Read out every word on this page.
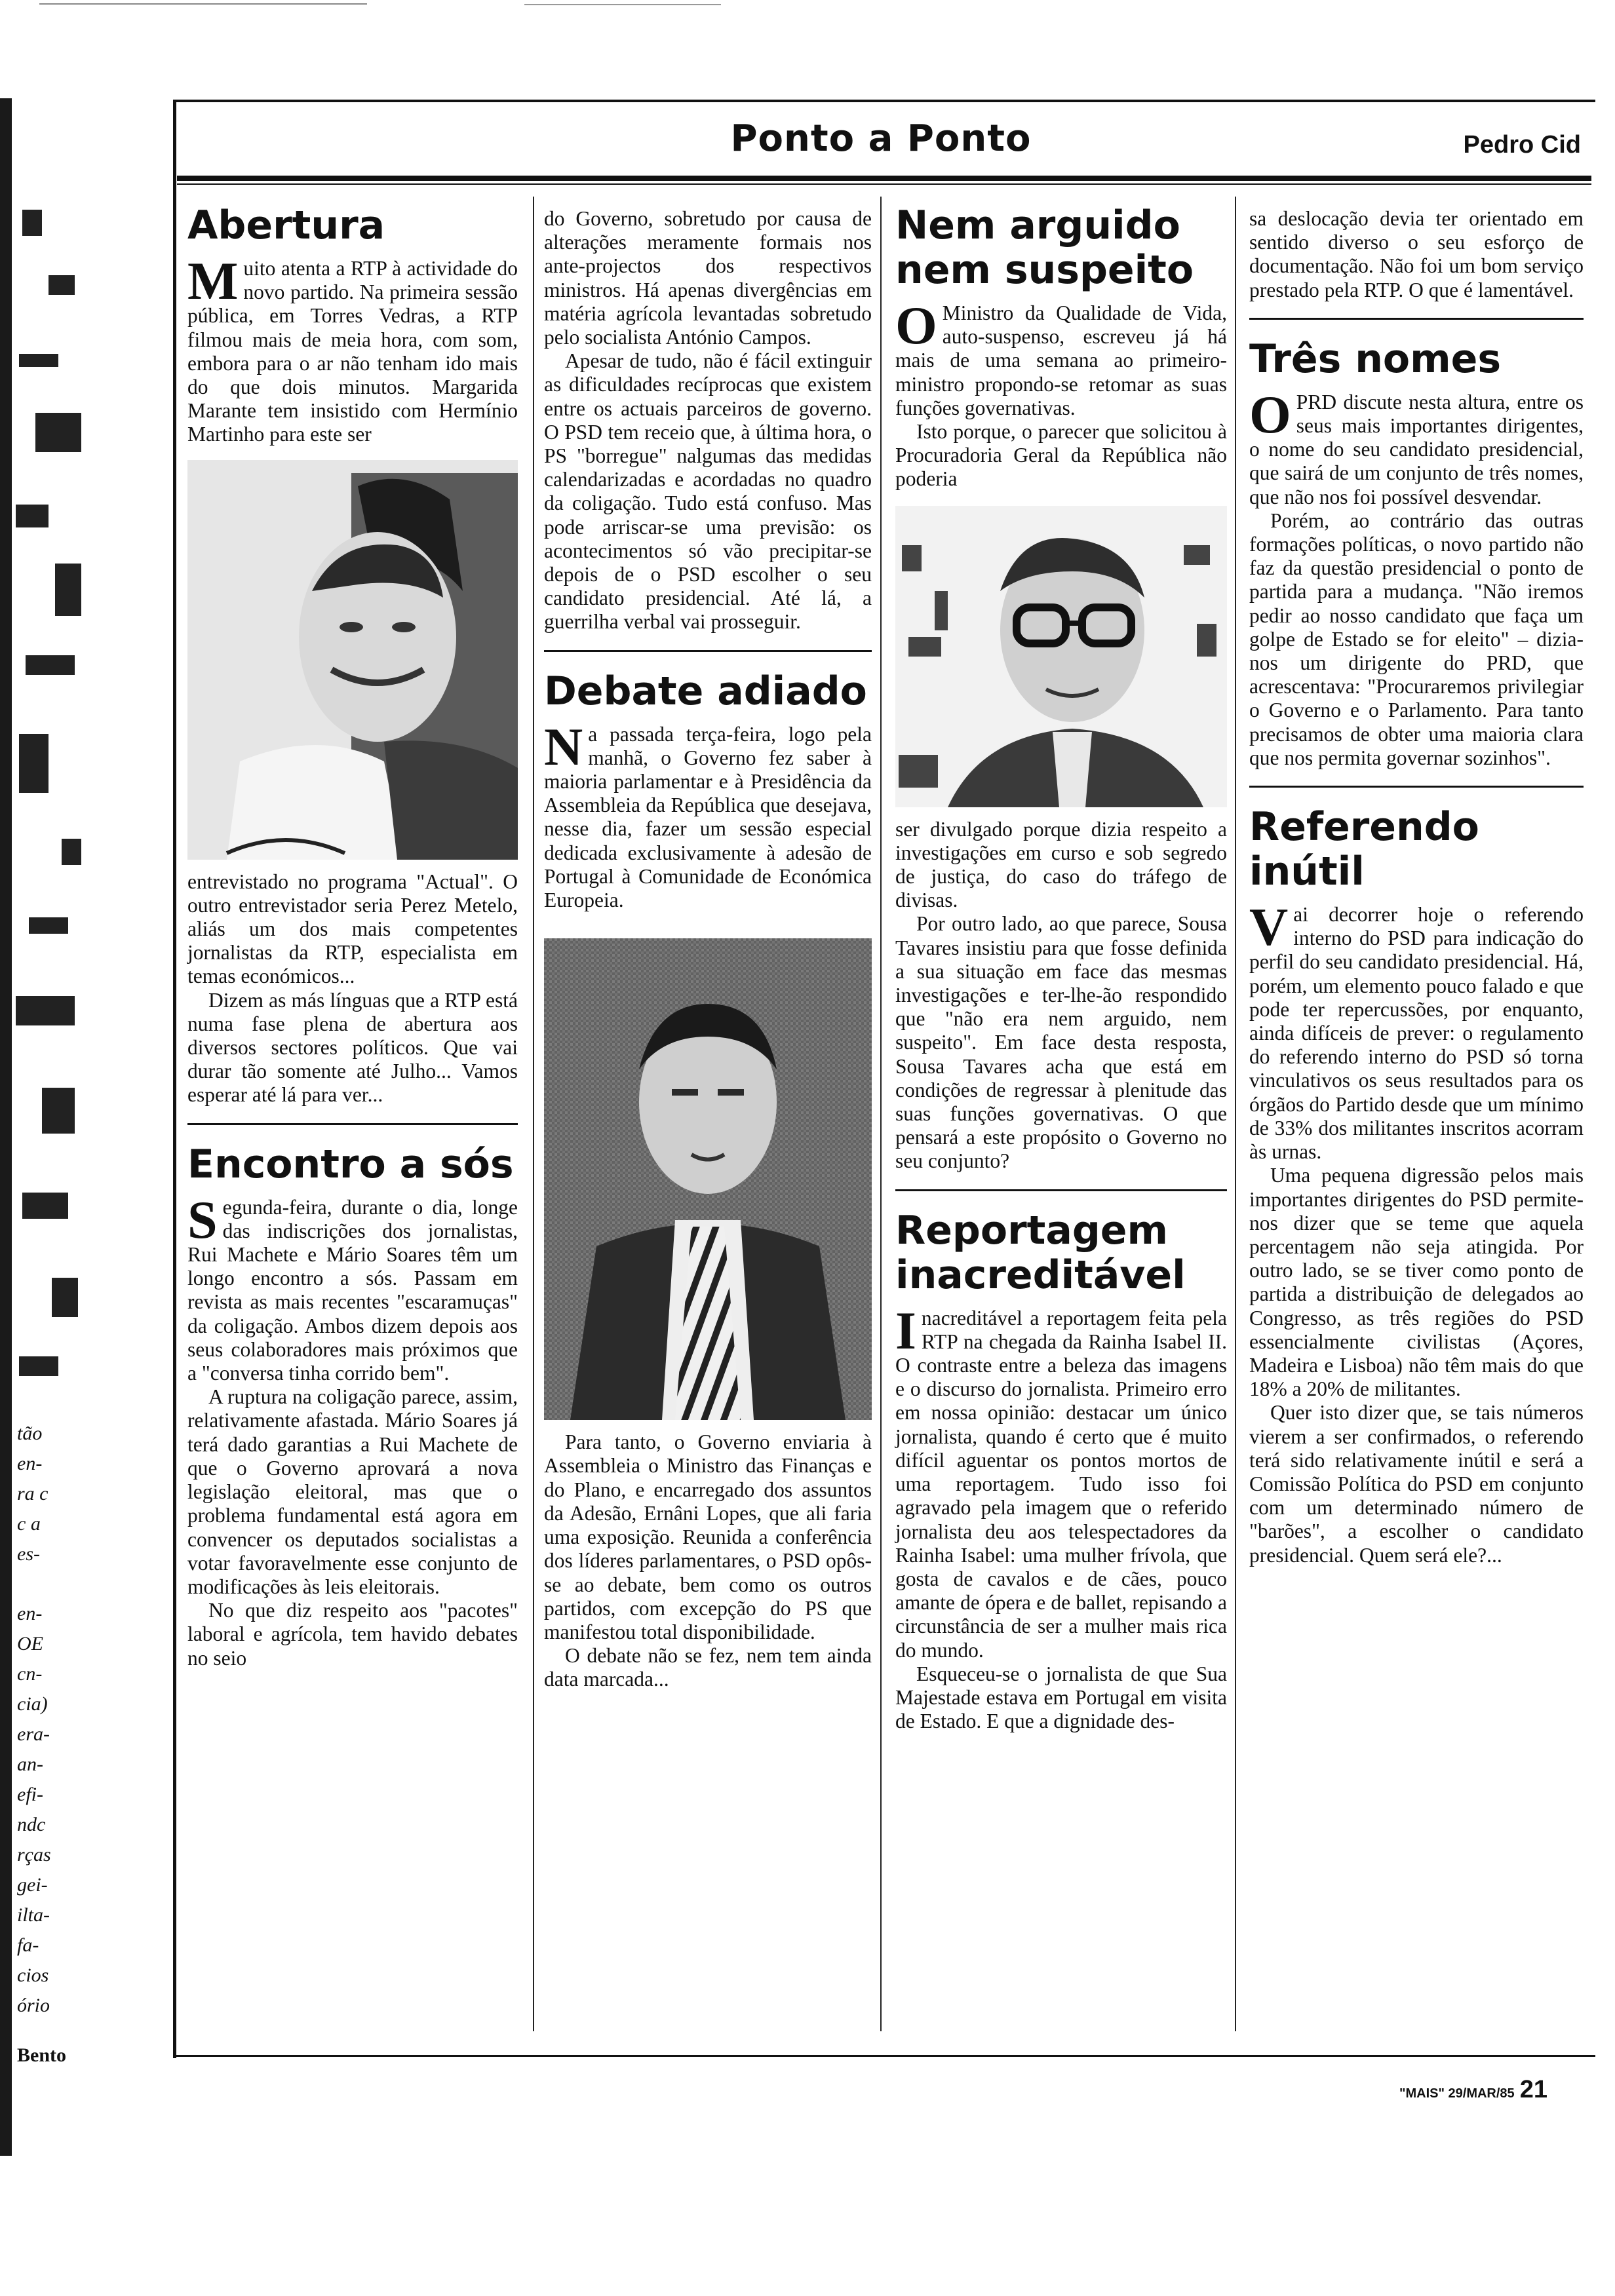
tão
en-
ra c
c a
es-
en-
OE
cn-
cia)
era-
an-
efi-
ndc
rças
gei-
ilta-
fa-
cios
ório
Bento
Ponto a Ponto	Pedro Cid
Abertura

Muito atenta a RTP à actividade do novo partido. Na primeira sessão pública, em Torres Vedras, a RTP filmou mais de meia hora, com som, embora para o ar não tenham ido mais do que dois minutos. Margarida Marante tem insistido com Hermínio Martinho para este ser

entrevistado no programa "Actual". O outro entrevistador seria Perez Metelo, aliás um dos mais competentes jornalistas da RTP, especialista em temas económicos...

Dizem as más línguas que a RTP está numa fase plena de abertura aos diversos sectores políticos. Que vai durar tão somente até Julho... Vamos esperar até lá para ver...

Encontro a sós

Segunda-feira, durante o dia, longe das indiscrições dos jornalistas, Rui Machete e Mário Soares têm um longo encontro a sós. Passam em revista as mais recentes "escaramuças" da coligação. Ambos dizem depois aos seus colaboradores mais próximos que a "conversa tinha corrido bem".

A ruptura na coligação parece, assim, relativamente afastada. Mário Soares já terá dado garantias a Rui Machete de que o Governo aprovará a nova legislação eleitoral, mas que o problema fundamental está agora em convencer os deputados socialistas a votar favoravelmente esse conjunto de modificações às leis eleitorais.

No que diz respeito aos "pacotes" laboral e agrícola, tem havido debates no seio

do Governo, sobretudo por causa de alterações meramente formais nos ante-projectos dos respectivos ministros. Há apenas divergências em matéria agrícola levantadas sobretudo pelo socialista António Campos.

Apesar de tudo, não é fácil extinguir as dificuldades recíprocas que existem entre os actuais parceiros de governo. O PSD tem receio que, à última hora, o PS "borregue" nalgumas das medidas calendarizadas e acordadas no quadro da coligação. Tudo está confuso. Mas pode arriscar-se uma previsão: os acontecimentos só vão precipitar-se depois de o PSD escolher o seu candidato presidencial. Até lá, a guerrilha verbal vai prosseguir.

Debate adiado

Na passada terça-feira, logo pela manhã, o Governo fez saber à maioria parlamentar e à Presidência da Assembleia da República que desejava, nesse dia, fazer um sessão especial dedicada exclusivamente à adesão de Portugal à Comunidade de Económica Europeia.

Para tanto, o Governo enviaria à Assembleia o Ministro das Finanças e do Plano, e encarregado dos assuntos da Adesão, Ernâni Lopes, que ali faria uma exposição. Reunida a conferência dos líderes parlamentares, o PSD opôs-se ao debate, bem como os outros partidos, com excepção do PS que manifestou total disponibilidade.

O debate não se fez, nem tem ainda data marcada...

Nem arguido nem suspeito

O Ministro da Qualidade de Vida, auto-suspenso, escreveu já há mais de uma semana ao primeiro-ministro propondo-se retomar as suas funções governativas.

Isto porque, o parecer que solicitou à Procuradoria Geral da República não poderia

ser divulgado porque dizia respeito a investigações em curso e sob segredo de justiça, do caso do tráfego de divisas.

Por outro lado, ao que parece, Sousa Tavares insistiu para que fosse definida a sua situação em face das mesmas investigações e ter-lhe-ão respondido que "não era nem arguido, nem suspeito". Em face desta resposta, Sousa Tavares acha que está em condições de regressar à plenitude das suas funções governativas. O que pensará a este propósito o Governo no seu conjunto?

Reportagem inacreditável

Inacreditável a reportagem feita pela RTP na chegada da Rainha Isabel II. O contraste entre a beleza das imagens e o discurso do jornalista. Primeiro erro em nossa opinião: destacar um único jornalista, quando é certo que é muito difícil aguentar os pontos mortos de uma reportagem. Tudo isso foi agravado pela imagem que o referido jornalista deu aos telespectadores da Rainha Isabel: uma mulher frívola, que gosta de cavalos e de cães, pouco amante de ópera e de ballet, repisando a circunstância de ser a mulher mais rica do mundo.

Esqueceu-se o jornalista de que Sua Majestade estava em Portugal em visita de Estado. E que a dignidade des-

sa deslocação devia ter orientado em sentido diverso o seu esforço de documentação. Não foi um bom serviço prestado pela RTP. O que é lamentável.

Três nomes

OPRD discute nesta altura, entre os seus mais importantes dirigentes, o nome do seu candidato presidencial, que sairá de um conjunto de três nomes, que não nos foi possível desvendar.

Porém, ao contrário das outras formações políticas, o novo partido não faz da questão presidencial o ponto de partida para a mudança. "Não iremos pedir ao nosso candidato que faça um golpe de Estado se for eleito" – dizia-nos um dirigente do PRD, que acrescentava: "Procuraremos privilegiar o Governo e o Parlamento. Para tanto precisamos de obter uma maioria clara que nos permita governar sozinhos".

Referendo inútil

Vai decorrer hoje o referendo interno do PSD para indicação do perfil do seu candidato presidencial. Há, porém, um elemento pouco falado e que pode ter repercussões, por enquanto, ainda difíceis de prever: o regulamento do referendo interno do PSD só torna vinculativos os seus resultados para os órgãos do Partido desde que um mínimo de 33% dos militantes inscritos acorram às urnas.

Uma pequena digressão pelos mais importantes dirigentes do PSD permite-nos dizer que se teme que aquela percentagem não seja atingida. Por outro lado, se se tiver como ponto de partida a distribuição de delegados ao Congresso, as três regiões do PSD essencialmente civilistas (Açores, Madeira e Lisboa) não têm mais do que 18% a 20% de militantes.

Quer isto dizer que, se tais números vierem a ser confirmados, o referendo terá sido relativamente inútil e será a Comissão Política do PSD em conjunto com um determinado número de "barões", a escolher o candidato presidencial. Quem será ele?...

"MAIS" 29/MAR/85 21
